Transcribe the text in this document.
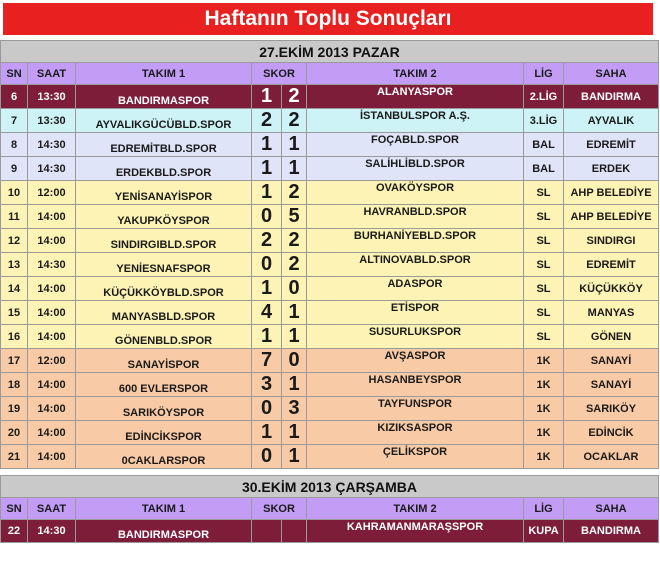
Haftanın Toplu Sonuçları
27.EKİM 2013 PAZAR							
SN	SAAT	TAKIM 1	SKOR		TAKIM 2	LİG	SAHA
6	13:30	BANDIRMASPOR	1	2	ALANYASPOR	2.LİG	BANDIRMA
7	13:30	AYVALIKGÜCÜBLD.SPOR	2	2	İSTANBULSPOR A.Ş.	3.LİG	AYVALIK
8	14:30	EDREMİTBLD.SPOR	1	1	FOÇABLD.SPOR	BAL	EDREMİT
9	14:30	ERDEKBLD.SPOR	1	1	SALİHLİBLD.SPOR	BAL	ERDEK
10	12:00	YENİSANAYİSPOR	1	2	OVAKÖYSPOR	SL	AHP BELEDİYE
11	14:00	YAKUPKÖYSPOR	0	5	HAVRANBLD.SPOR	SL	AHP BELEDİYE
12	14:00	SINDIRGIBLD.SPOR	2	2	BURHANİYEBLD.SPOR	SL	SINDIRGI
13	14:30	YENİESNAFSPOR	0	2	ALTINOVABLD.SPOR	SL	EDREMİT
14	14:00	KÜÇÜKKÖYBLD.SPOR	1	0	ADASPOR	SL	KÜÇÜKKÖY
15	14:00	MANYASBLD.SPOR	4	1	ETİSPOR	SL	MANYAS
16	14:00	GÖNENBLD.SPOR	1	1	SUSURLUKSPOR	SL	GÖNEN
17	12:00	SANAYİSPOR	7	0	AVŞASPOR	1K	SANAYİ
18	14:00	600 EVLERSPOR	3	1	HASANBEYSPOR	1K	SANAYİ
19	14:00	SARIKÖYSPOR	0	3	TAYFUNSPOR	1K	SARIKÖY
20	14:00	EDİNCİKSPOR	1	1	KIZIKSASPOR	1K	EDİNCİK
21	14:00	0CAKLARSPOR	0	1	ÇELİKSPOR	1K	OCAKLAR
30.EKİM 2013 ÇARŞAMBA							
SN	SAAT	TAKIM 1	SKOR		TAKIM 2	LİG	SAHA
22	14:30	BANDIRMASPOR			KAHRAMANMARAŞSPOR	KUPA	BANDIRMA
